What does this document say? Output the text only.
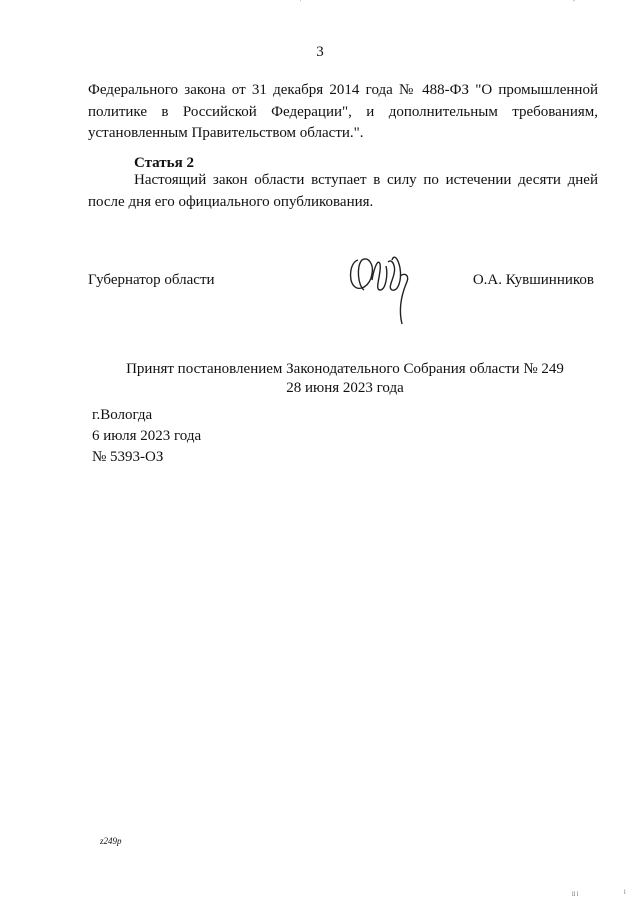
'	''
3
Федерального закона от 31 декабря 2014 года № 488-ФЗ "О промышленной
политике в Российской Федерации", и дополнительным требованиям,
установленным Правительством области.".
Статья 2
Настоящий закон области вступает в силу по истечении десяти дней
после дня его официального опубликования.
Губернатор области	О.А. Кувшинников
Принят постановлением Законодательного Собрания области № 249
28 июня 2023 года
г.Вологда
6 июля 2023 года
№ 5393-ОЗ
z249p
ll l	l
